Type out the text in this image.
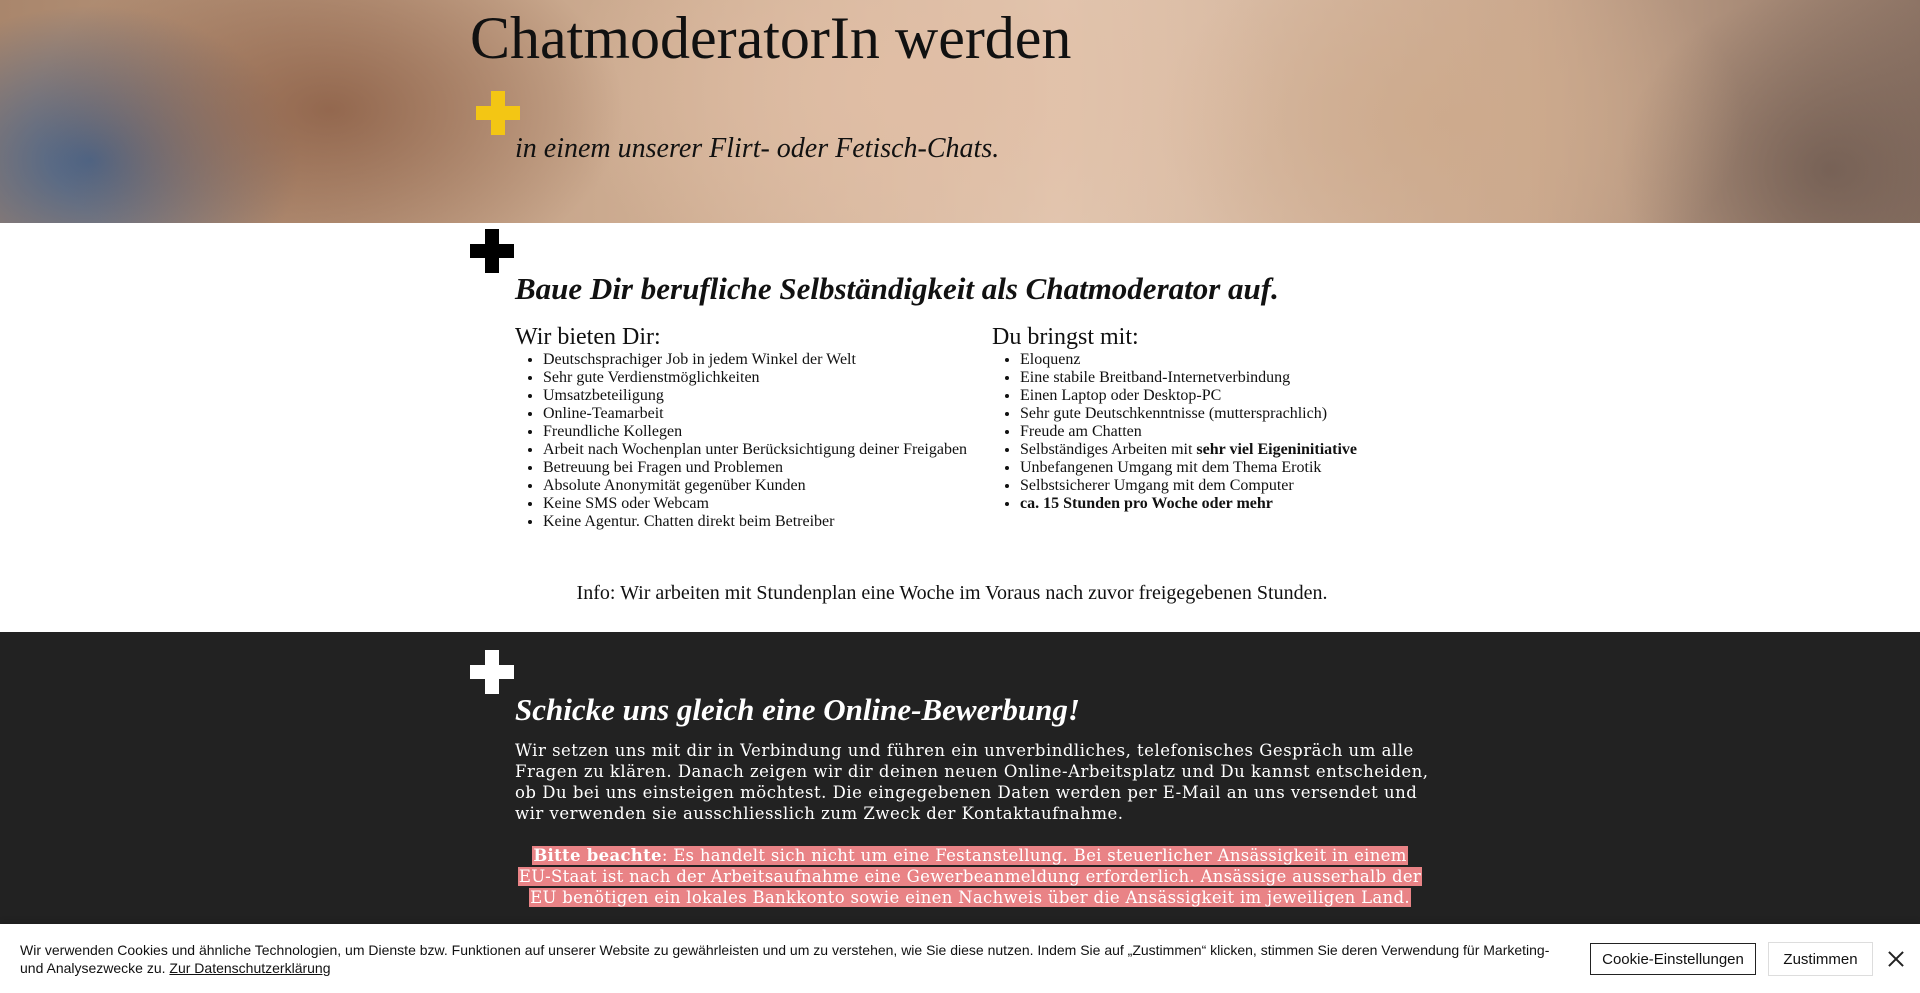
ChatmoderatorIn werden

in einem unserer Flirt- oder Fetisch-Chats.

Baue Dir berufliche Selbständigkeit als Chatmoderator auf.
Wir bieten Dir:
• Deutschsprachiger Job in jedem Winkel der Welt
• Sehr gute Verdienstmöglichkeiten
• Umsatzbeteiligung
• Online-Teamarbeit
• Freundliche Kollegen
• Arbeit nach Wochenplan unter Berücksichtigung deiner Freigaben
• Betreuung bei Fragen und Problemen
• Absolute Anonymität gegenüber Kunden
• Keine SMS oder Webcam
• Keine Agentur. Chatten direkt beim Betreiber
Du bringst mit:
• Eloquenz
• Eine stabile Breitband-Internetverbindung
• Einen Laptop oder Desktop-PC
• Sehr gute Deutschkenntnisse (muttersprachlich)
• Freude am Chatten
• Selbständiges Arbeiten mit sehr viel Eigeninitiative
• Unbefangenen Umgang mit dem Thema Erotik
• Selbstsicherer Umgang mit dem Computer
• ca. 15 Stunden pro Woche oder mehr

Info: Wir arbeiten mit Stundenplan eine Woche im Voraus nach zuvor freigegebenen Stunden.

Schicke uns gleich eine Online-Bewerbung!

Wir setzen uns mit dir in Verbindung und führen ein unverbindliches, telefonisches Gespräch um alle Fragen zu klären. Danach zeigen wir dir deinen neuen Online-Arbeitsplatz und Du kannst entscheiden, ob Du bei uns einsteigen möchtest. Die eingegebenen Daten werden per E-Mail an uns versendet und wir verwenden sie ausschliesslich zum Zweck der Kontaktaufnahme.

Bitte beachte: Es handelt sich nicht um eine Festanstellung. Bei steuerlicher Ansässigkeit in einem EU-Staat ist nach der Arbeitsaufnahme eine Gewerbeanmeldung erforderlich. Ansässige ausserhalb der EU benötigen ein lokales Bankkonto sowie einen Nachweis über die Ansässigkeit im jeweiligen Land.

Wir verwenden Cookies und ähnliche Technologien, um Dienste bzw. Funktionen auf unserer Website zu gewährleisten und um zu verstehen, wie Sie diese nutzen. Indem Sie auf „Zustimmen“ klicken, stimmen Sie deren Verwendung für Marketing- und Analysezwecke zu. Zur Datenschutzerklärung

Cookie-Einstellungen	Zustimmen
